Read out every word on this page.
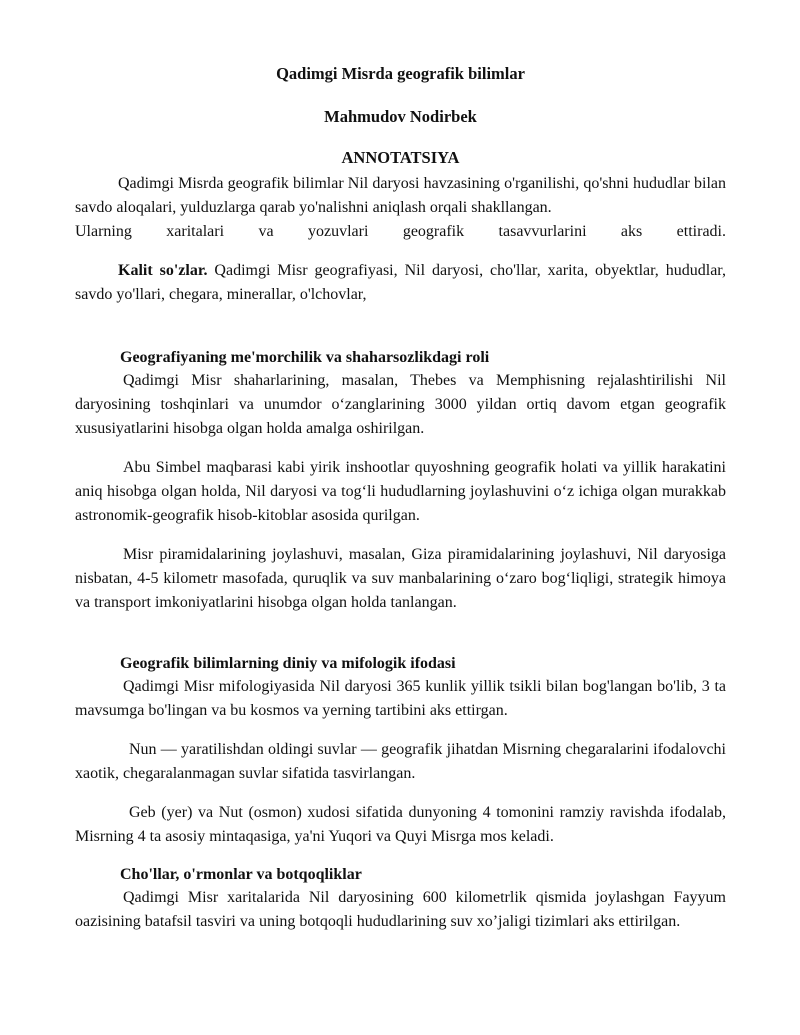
Qadimgi Misrda geografik bilimlar
Mahmudov Nodirbek
ANNOTATSIYA

Qadimgi Misrda geografik bilimlar Nil daryosi havzasining o'rganilishi, qo'shni hududlar bilan savdo aloqalari, yulduzlarga qarab yo'nalishni aniqlash orqali shakllangan.

Ularning xaritalari va yozuvlari geografik tasavvurlarini aks ettiradi.

Kalit so'zlar. Qadimgi Misr geografiyasi, Nil daryosi, cho'llar, xarita, obyektlar, hududlar, savdo yo'llari, chegara, minerallar, o'lchovlar,

Geografiyaning me'morchilik va shaharsozlikdagi roli

Qadimgi Misr shaharlarining, masalan, Thebes va Memphisning rejalashtirilishi Nil daryosining toshqinlari va unumdor o‘zanglarining 3000 yildan ortiq davom etgan geografik xususiyatlarini hisobga olgan holda amalga oshirilgan.

Abu Simbel maqbarasi kabi yirik inshootlar quyoshning geografik holati va yillik harakatini aniq hisobga olgan holda, Nil daryosi va tog‘li hududlarning joylashuvini o‘z ichiga olgan murakkab astronomik-geografik hisob-kitoblar asosida qurilgan.

Misr piramidalarining joylashuvi, masalan, Giza piramidalarining joylashuvi, Nil daryosiga nisbatan, 4-5 kilometr masofada, quruqlik va suv manbalarining o‘zaro bog‘liqligi, strategik himoya va transport imkoniyatlarini hisobga olgan holda tanlangan.

Geografik bilimlarning diniy va mifologik ifodasi

Qadimgi Misr mifologiyasida Nil daryosi 365 kunlik yillik tsikli bilan bog'langan bo'lib, 3 ta mavsumga bo'lingan va bu kosmos va yerning tartibini aks ettirgan.

Nun — yaratilishdan oldingi suvlar — geografik jihatdan Misrning chegaralarini ifodalovchi xaotik, chegaralanmagan suvlar sifatida tasvirlangan.

Geb (yer) va Nut (osmon) xudosi sifatida dunyoning 4 tomonini ramziy ravishda ifodalab, Misrning 4 ta asosiy mintaqasiga, ya'ni Yuqori va Quyi Misrga mos keladi.

Cho'llar, o'rmonlar va botqoqliklar

Qadimgi Misr xaritalarida Nil daryosining 600 kilometrlik qismida joylashgan Fayyum oazisining batafsil tasviri va uning botqoqli hududlarining suv xo’jaligi tizimlari aks ettirilgan.
